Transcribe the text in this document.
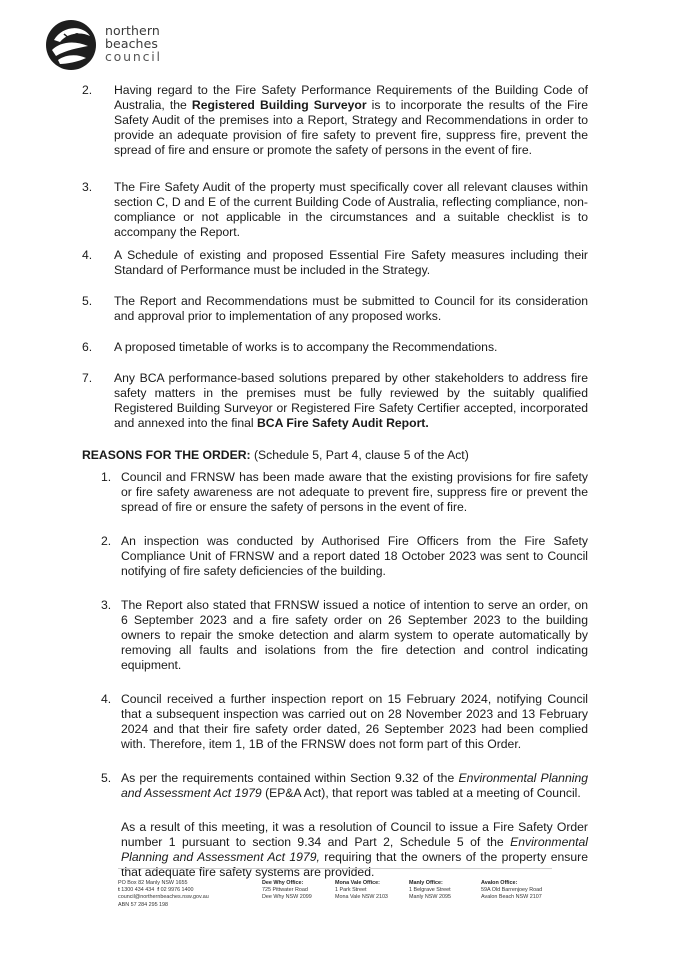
northern
beaches
council
2. Having regard to the Fire Safety Performance Requirements of the Building Code of Australia, the Registered Building Surveyor is to incorporate the results of the Fire Safety Audit of the premises into a Report, Strategy and Recommendations in order to provide an adequate provision of fire safety to prevent fire, suppress fire, prevent the spread of fire and ensure or promote the safety of persons in the event of fire.
3. The Fire Safety Audit of the property must specifically cover all relevant clauses within section C, D and E of the current Building Code of Australia, reflecting compliance, non-compliance or not applicable in the circumstances and a suitable checklist is to accompany the Report.
4. A Schedule of existing and proposed Essential Fire Safety measures including their Standard of Performance must be included in the Strategy.
5. The Report and Recommendations must be submitted to Council for its consideration and approval prior to implementation of any proposed works.
6. A proposed timetable of works is to accompany the Recommendations.
7. Any BCA performance-based solutions prepared by other stakeholders to address fire safety matters in the premises must be fully reviewed by the suitably qualified Registered Building Surveyor or Registered Fire Safety Certifier accepted, incorporated and annexed into the final BCA Fire Safety Audit Report.

REASONS FOR THE ORDER: (Schedule 5, Part 4, clause 5 of the Act)

1. Council and FRNSW has been made aware that the existing provisions for fire safety or fire safety awareness are not adequate to prevent fire, suppress fire or prevent the spread of fire or ensure the safety of persons in the event of fire.
2. An inspection was conducted by Authorised Fire Officers from the Fire Safety Compliance Unit of FRNSW and a report dated 18 October 2023 was sent to Council notifying of fire safety deficiencies of the building.
3. The Report also stated that FRNSW issued a notice of intention to serve an order, on 6 September 2023 and a fire safety order on 26 September 2023 to the building owners to repair the smoke detection and alarm system to operate automatically by removing all faults and isolations from the fire detection and control indicating equipment.
4. Council received a further inspection report on 15 February 2024, notifying Council that a subsequent inspection was carried out on 28 November 2023 and 13 February 2024 and that their fire safety order dated, 26 September 2023 had been complied with. Therefore, item 1, 1B of the FRNSW does not form part of this Order.
5. As per the requirements contained within Section 9.32 of the Environmental Planning and Assessment Act 1979 (EP&A Act), that report was tabled at a meeting of Council.
As a result of this meeting, it was a resolution of Council to issue a Fire Safety Order number 1 pursuant to section 9.34 and Part 2, Schedule 5 of the Environmental Planning and Assessment Act 1979, requiring that the owners of the property ensure that adequate fire safety systems are provided.
PO Box 82 Manly NSW 1655
t 1300 434 434 f 02 9976 1400
council@northernbeaches.nsw.gov.au
ABN 57 284 295 198
Dee Why Office:
725 Pittwater Road
Dee Why NSW 2099
Mona Vale Office:
1 Park Street
Mona Vale NSW 2103
Manly Office:
1 Belgrave Street
Manly NSW 2095
Avalon Office:
59A Old Barrenjoey Road
Avalon Beach NSW 2107
